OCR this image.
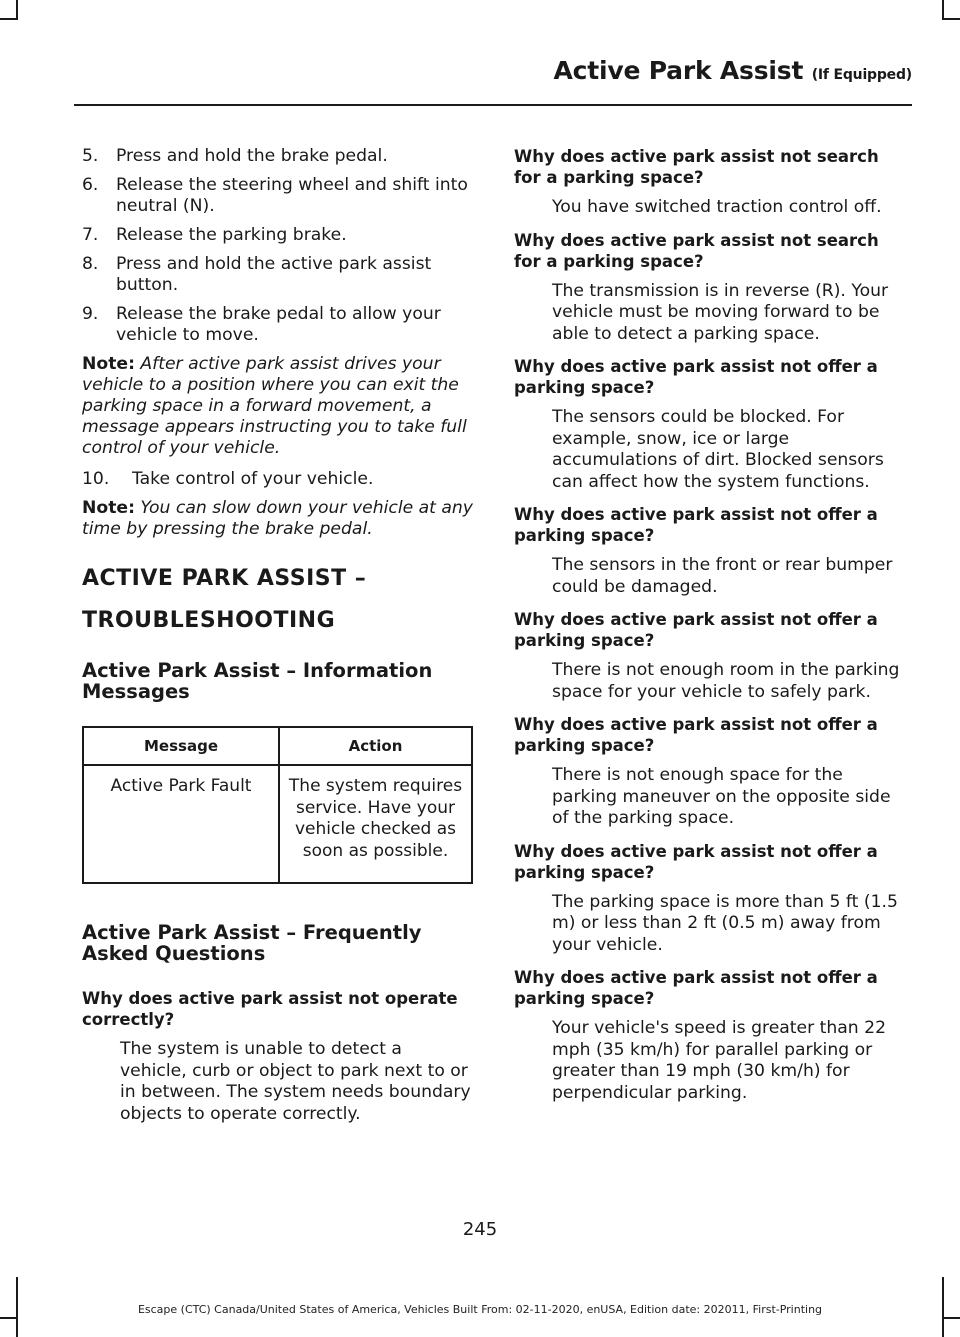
Active Park Assist (If Equipped)
5.	Press and hold the brake pedal.
6.	Release the steering wheel and shift into neutral (N).
7.	Release the parking brake.
8.	Press and hold the active park assist button.
9.	Release the brake pedal to allow your vehicle to move.

Note: After active park assist drives your vehicle to a position where you can exit the parking space in a forward movement, a message appears instructing you to take full control of your vehicle.

10.	Take control of your vehicle.

Note: You can slow down your vehicle at any time by pressing the brake pedal.

ACTIVE PARK ASSIST –
TROUBLESHOOTING
Active Park Assist – Information Messages
Message	Action
Active Park Fault	The system requires service. Have your vehicle checked as soon as possible.
Active Park Assist – Frequently Asked Questions

Why does active park assist not operate correctly?

The system is unable to detect a vehicle, curb or object to park next to or in between. The system needs boundary objects to operate correctly.

Why does active park assist not search for a parking space?

You have switched traction control off.

Why does active park assist not search for a parking space?

The transmission is in reverse (R). Your vehicle must be moving forward to be able to detect a parking space.

Why does active park assist not offer a parking space?

The sensors could be blocked. For example, snow, ice or large accumulations of dirt. Blocked sensors can affect how the system functions.

Why does active park assist not offer a parking space?

The sensors in the front or rear bumper could be damaged.

Why does active park assist not offer a parking space?

There is not enough room in the parking space for your vehicle to safely park.

Why does active park assist not offer a parking space?

There is not enough space for the parking maneuver on the opposite side of the parking space.

Why does active park assist not offer a parking space?

The parking space is more than 5 ft (1.5 m) or less than 2 ft (0.5 m) away from your vehicle.

Why does active park assist not offer a parking space?

Your vehicle's speed is greater than 22 mph (35 km/h) for parallel parking or greater than 19 mph (30 km/h) for perpendicular parking.

245
Escape (CTC) Canada/United States of America, Vehicles Built From: 02-11-2020, enUSA, Edition date: 202011, First-Printing
